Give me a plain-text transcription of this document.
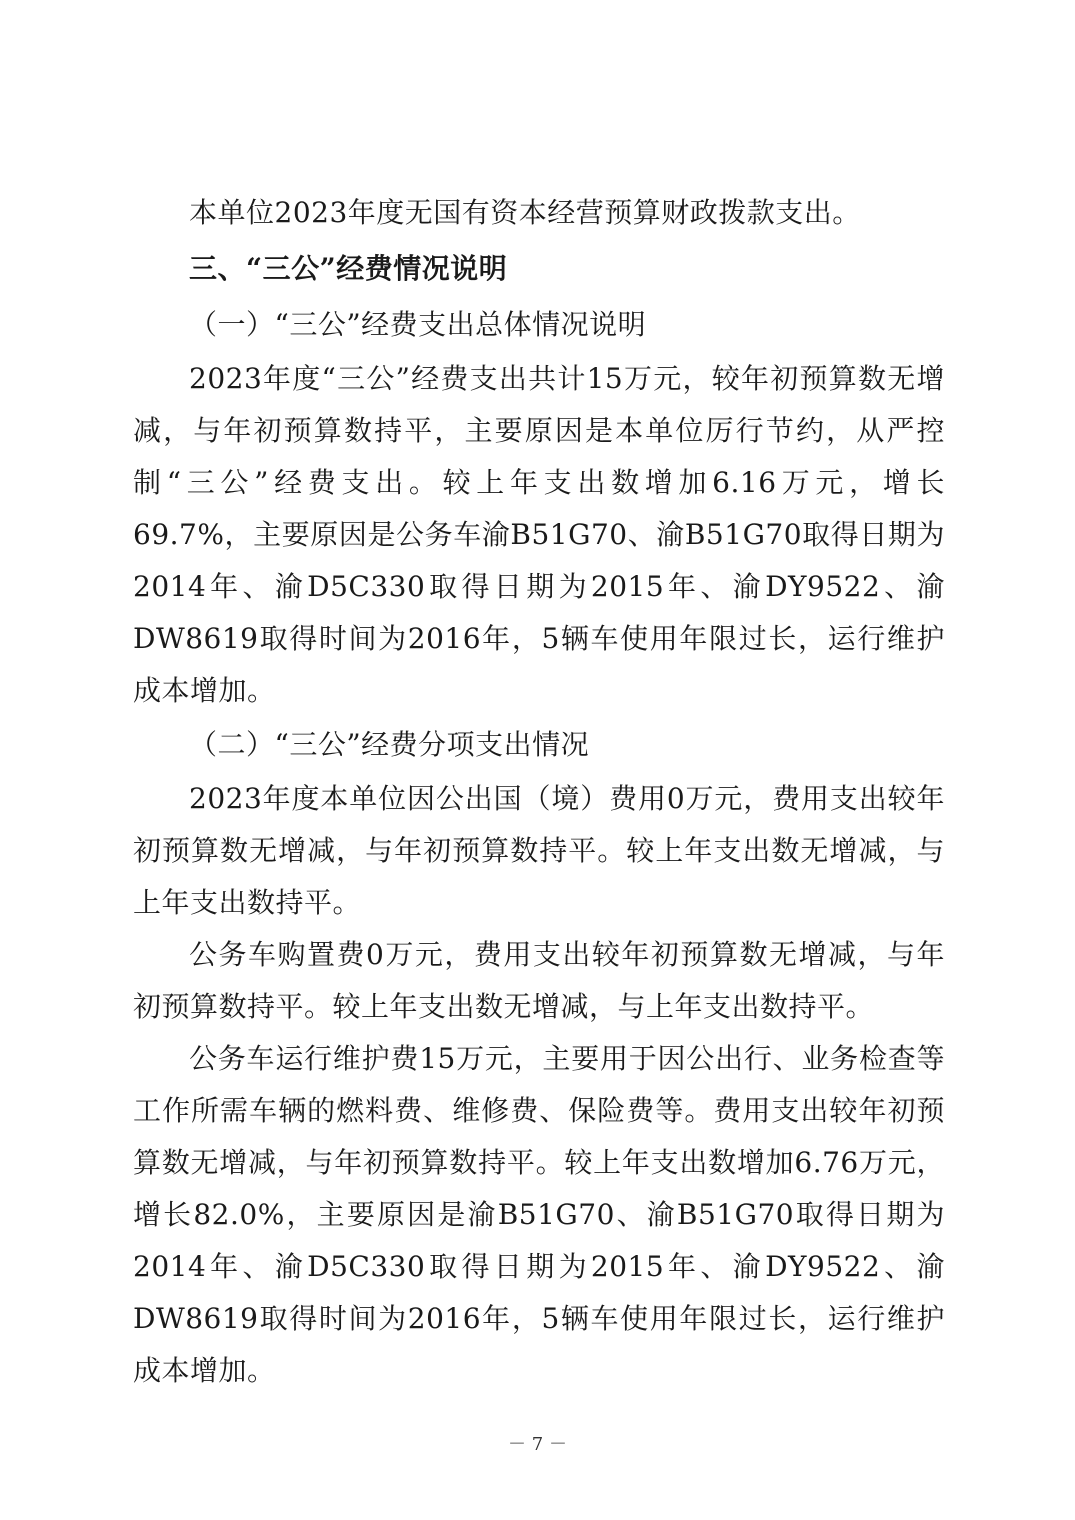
本单位2023年度无国有资本经营预算财政拨款支出。

三、“三公”经费情况说明

（一）“三公”经费支出总体情况说明

2023年度“三公”经费支出共计15万元，较年初预算数无增减，与年初预算数持平，主要原因是本单位厉行节约，从严控制“三公”经费支出。较上年支出数增加6.16万元，增长69.7%，主要原因是公务车渝B51G70、渝B51G70取得日期为2014年、渝D5C330取得日期为2015年、渝DY9522、渝DW8619取得时间为2016年，5辆车使用年限过长，运行维护成本增加。

（二）“三公”经费分项支出情况

2023年度本单位因公出国（境）费用0万元，费用支出较年初预算数无增减，与年初预算数持平。较上年支出数无增减，与上年支出数持平。

公务车购置费0万元，费用支出较年初预算数无增减，与年初预算数持平。较上年支出数无增减，与上年支出数持平。

公务车运行维护费15万元，主要用于因公出行、业务检查等工作所需车辆的燃料费、维修费、保险费等。费用支出较年初预算数无增减，与年初预算数持平。较上年支出数增加6.76万元，增长82.0%，主要原因是渝B51G70、渝B51G70取得日期为2014年、渝D5C330取得日期为2015年、渝DY9522、渝DW8619取得时间为2016年，5辆车使用年限过长，运行维护成本增加。

－ 7 －
